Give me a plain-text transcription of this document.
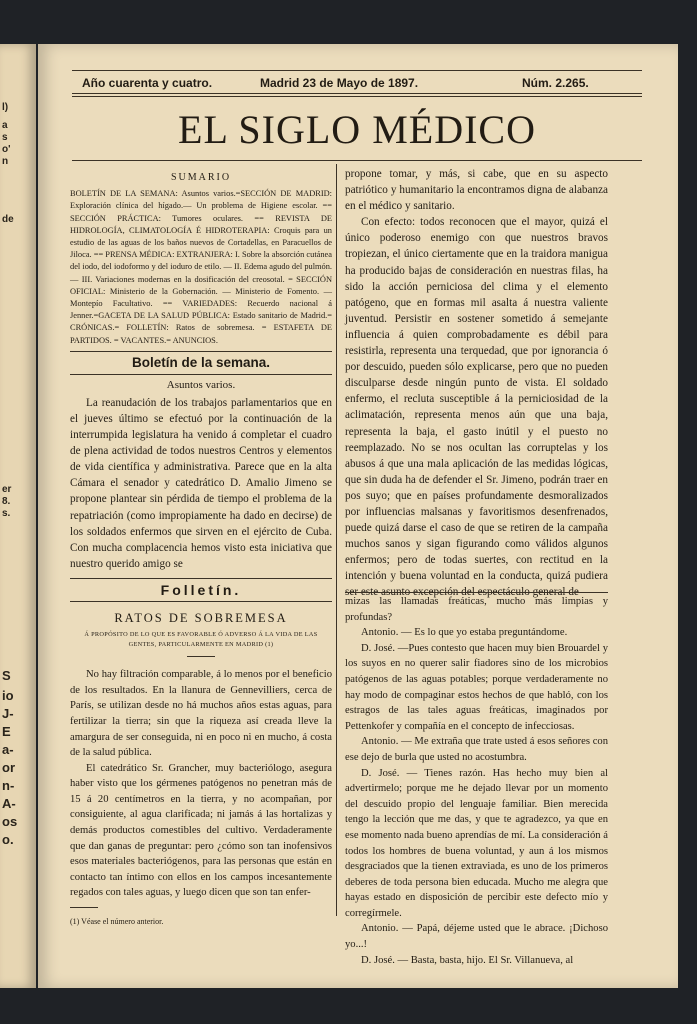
l)
a
s
o'
n
de
er
8.
s.
S
io
J-
E
a-
or
n-
A-
os
o.
Año cuarenta y cuatro.	Madrid 23 de Mayo de 1897.	Núm. 2.265.
EL SIGLO MÉDICO
SUMARIO
BOLETÍN DE LA SEMANA: Asuntos varios.=SECCIÓN DE MADRID: Exploración clínica del hígado.— Un problema de Higiene escolar. == SECCIÓN PRÁCTICA: Tumores oculares. == REVISTA DE HIDROLOGÍA, CLIMATOLOGÍA É HIDROTERAPIA: Croquis para un estudio de las aguas de los baños nuevos de Cortadellas, en Paracuellos de Jiloca. == PRENSA MÉDICA: EXTRANJERA: I. Sobre la absorción cutánea del iodo, del iodoformo y del ioduro de etilo. — II. Edema agudo del pulmón. — III. Variaciones modernas en la dosificación del creosotal. = SECCIÓN OFICIAL: Ministerio de la Gobernación. — Ministerio de Fomento. — Montepío Facultativo. == VARIEDADES: Recuerdo nacional á Jenner.=GACETA DE LA SALUD PÚBLICA: Estado sanitario de Madrid.= CRÓNICAS.= FOLLETÍN: Ratos de sobremesa. = ESTAFETA DE PARTIDOS. = VACANTES.= ANUNCIOS.
Boletín de la semana.
Asuntos varios.

La reanudación de los trabajos parlamentarios que en el jueves último se efectuó por la continuación de la interrumpida legislatura ha venido á completar el cuadro de plena actividad de todos nuestros Centros y elementos de vida científica y administrativa. Parece que en la alta Cámara el senador y catedrático D. Amalio Jimeno se propone plantear sin pérdida de tiempo el problema de la repatriación (como impropiamente ha dado en decirse) de los soldados enfermos que sirven en el ejército de Cuba. Con mucha complacencia hemos visto esta iniciativa que nuestro querido amigo se

Folletín.
RATOS DE SOBREMESA
Á PROPÓSITO DE LO QUE ES FAVORABLE Ó ADVERSO Á LA VIDA DE LAS GENTES, PARTICULARMENTE EN MADRID (1)

No hay filtración comparable, á lo menos por el beneficio de los resultados. En la llanura de Gennevilliers, cerca de París, se utilizan desde no há muchos años estas aguas, para fertilizar la tierra; sin que la riqueza así creada lleve la amargura de ser conseguida, ni en poco ni en mucho, á costa de la salud pública.

El catedrático Sr. Grancher, muy bacteriólogo, asegura haber visto que los gérmenes patógenos no penetran más de 15 á 20 centímetros en la tierra, y no acompañan, por consiguiente, al agua clarificada; ni jamás á las hortalizas y demás productos comestibles del cultivo. Verdaderamente que dan ganas de preguntar: pero ¿cómo son tan inofensivos esos materiales bacteriógenos, para las personas que están en contacto tan íntimo con ellos en los campos incesantemente regados con tales aguas, y luego dicen que son tan enfer-

(1) Véase el número anterior.

propone tomar, y más, si cabe, que en su aspecto patriótico y humanitario la encontramos digna de alabanza en el médico y sanitario.

Con efecto: todos reconocen que el mayor, quizá el único poderoso enemigo con que nuestros bravos tropiezan, el único ciertamente que en la traidora manigua ha producido bajas de consideración en nuestras filas, ha sido la acción perniciosa del clima y el elemento patógeno, que en formas mil asalta á nuestra valiente juventud. Persistir en sostener sometido á semejante influencia á quien comprobadamente es débil para resistirla, representa una terquedad, que por ignorancia ó por descuido, pueden sólo explicarse, pero que no pueden disculparse desde ningún punto de vista. El soldado enfermo, el recluta susceptible á la perniciosidad de la aclimatación, representa menos aún que una baja, representa la baja, el gasto inútil y el puesto no reemplazado. No se nos ocultan las corruptelas y los abusos á que una mala aplicación de las medidas lógicas, que sin duda ha de defender el Sr. Jimeno, podrán traer en pos suyo; que en países profundamente desmoralizados por influencias malsanas y favoritismos desenfrenados, puede quizá darse el caso de que se retiren de la campaña muchos sanos y sigan figurando como válidos algunos enfermos; pero de todas suertes, con rectitud en la intención y buena voluntad en la conducta, quizá pudiera ser este asunto excepción del espectáculo general de

mizas las llamadas freáticas, mucho más limpias y profundas?

Antonio. — Es lo que yo estaba preguntándome.

D. José. —Pues contesto que hacen muy bien Brouardel y los suyos en no querer salir fiadores sino de los microbios patógenos de las aguas potables; porque verdaderamente no hay modo de compaginar estos hechos de que habló, con los estragos de las tales aguas freáticas, imaginados por Pettenkofer y compañía en el concepto de infecciosas.

Antonio. — Me extraña que trate usted á esos señores con ese dejo de burla que usted no acostumbra.

D. José. — Tienes razón. Has hecho muy bien al advertirmelo; porque me he dejado llevar por un momento del descuido propio del lenguaje familiar. Bien merecida tengo la lección que me das, y que te agradezco, ya que en ese momento nada bueno aprendías de mí. La consideración á todos los hombres de buena voluntad, y aun á los mismos desgraciados que la tienen extraviada, es uno de los primeros deberes de toda persona bien educada. Mucho me alegra que hayas estado en disposición de percibir este defecto mío y corregírmele.

Antonio. — Papá, déjeme usted que le abrace. ¡Dichoso yo...!

D. José. — Basta, basta, hijo. El Sr. Villanueva, al
